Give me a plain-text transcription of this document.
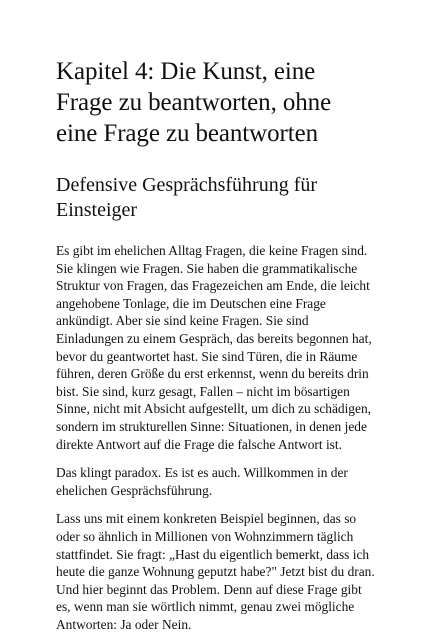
Kapitel 4: Die Kunst, eine Frage zu beantworten, ohne eine Frage zu beantworten
Defensive Gesprächsführung für Einsteiger

Es gibt im ehelichen Alltag Fragen, die keine Fragen sind. Sie klingen wie Fragen. Sie haben die grammatikalische Struktur von Fragen, das Fragezeichen am Ende, die leicht angehobene Tonlage, die im Deutschen eine Frage ankündigt. Aber sie sind keine Fragen. Sie sind Einladungen zu einem Gespräch, das bereits begonnen hat, bevor du geantwortet hast. Sie sind Türen, die in Räume führen, deren Größe du erst erkennst, wenn du bereits drin bist. Sie sind, kurz gesagt, Fallen – nicht im bösartigen Sinne, nicht mit Absicht aufgestellt, um dich zu schädigen, sondern im strukturellen Sinne: Situationen, in denen jede direkte Antwort auf die Frage die falsche Antwort ist.

Das klingt paradox. Es ist es auch. Willkommen in der ehelichen Gesprächsführung.

Lass uns mit einem konkreten Beispiel beginnen, das so oder so ähnlich in Millionen von Wohnzimmern täglich stattfindet. Sie fragt: „Hast du eigentlich bemerkt, dass ich heute die ganze Wohnung geputzt habe?" Jetzt bist du dran. Und hier beginnt das Problem. Denn auf diese Frage gibt es, wenn man sie wörtlich nimmt, genau zwei mögliche Antworten: Ja oder Nein.
